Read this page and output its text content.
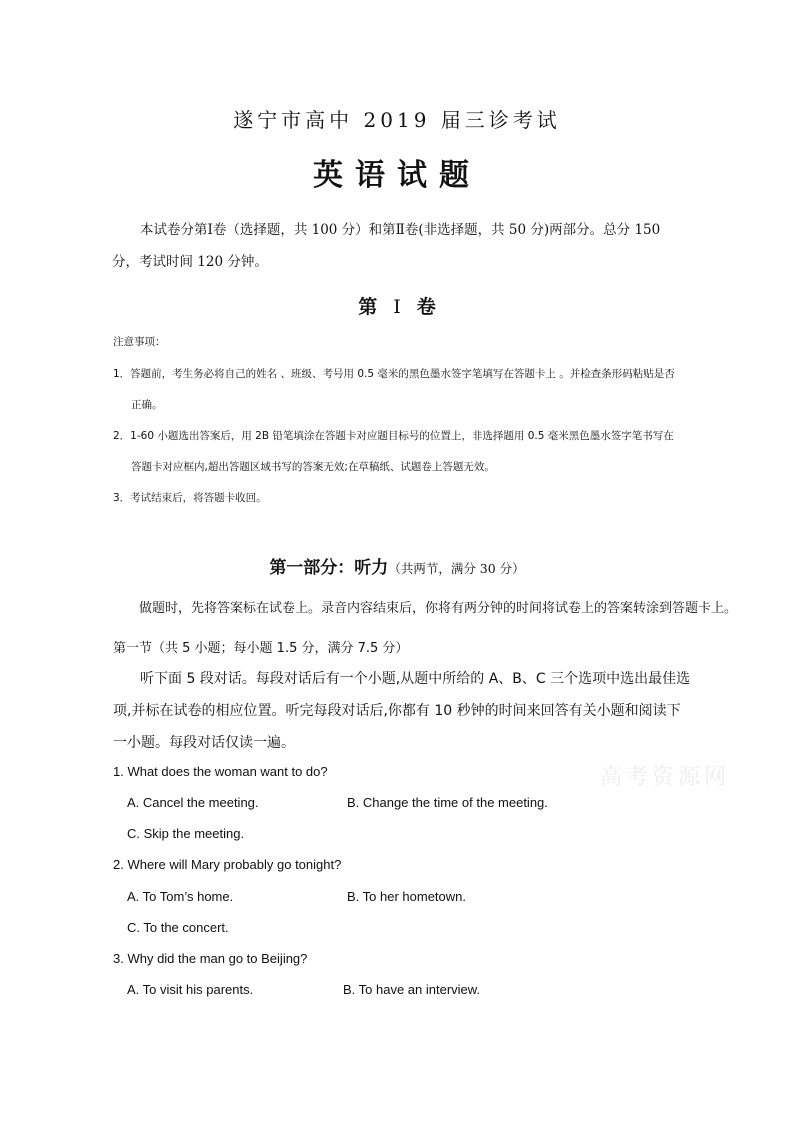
遂宁市高中 2019 届三诊考试
英语试题
本试卷分第Ⅰ卷（选择题，共 100 分）和第Ⅱ卷(非选择题，共 50 分)两部分。总分 150
分，考试时间 120 分钟。
第 I 卷
注意事项：
1．答题前，考生务必将自己的姓名 、班级、考号用 0.5 毫米的黑色墨水签字笔填写在答题卡上 。并检查条形码粘贴是否
正确。
2．1-60 小题选出答案后，用 2B 铅笔填涂在答题卡对应题目标号的位置上，非选择题用 0.5 毫米黑色墨水签字笔书写在
答题卡对应框内,超出答题区域书写的答案无效;在草稿纸、试题卷上答题无效。
3．考试结束后，将答题卡收回。
第一部分：听力（共两节，满分 30 分）
做题时，先将答案标在试卷上。录音内容结束后，你将有两分钟的时间将试卷上的答案转涂到答题卡上。
第一节（共 5 小题；每小题 1.5 分，满分 7.5 分）
听下面 5 段对话。每段对话后有一个小题,从题中所给的 A、B、C 三个选项中选出最佳选
项,并标在试卷的相应位置。听完每段对话后,你都有 10 秒钟的时间来回答有关小题和阅读下
一小题。每段对话仅读一遍。
1. What does the woman want to do?
A. Cancel the meeting.	B. Change the time of the meeting.
C. Skip the meeting.
2. Where will Mary probably go tonight?
A. To Tom’s home.	B. To her hometown.
C. To the concert.
3. Why did the man go to Beijing?
A. To visit his parents.	B. To have an interview.
高考资源网
